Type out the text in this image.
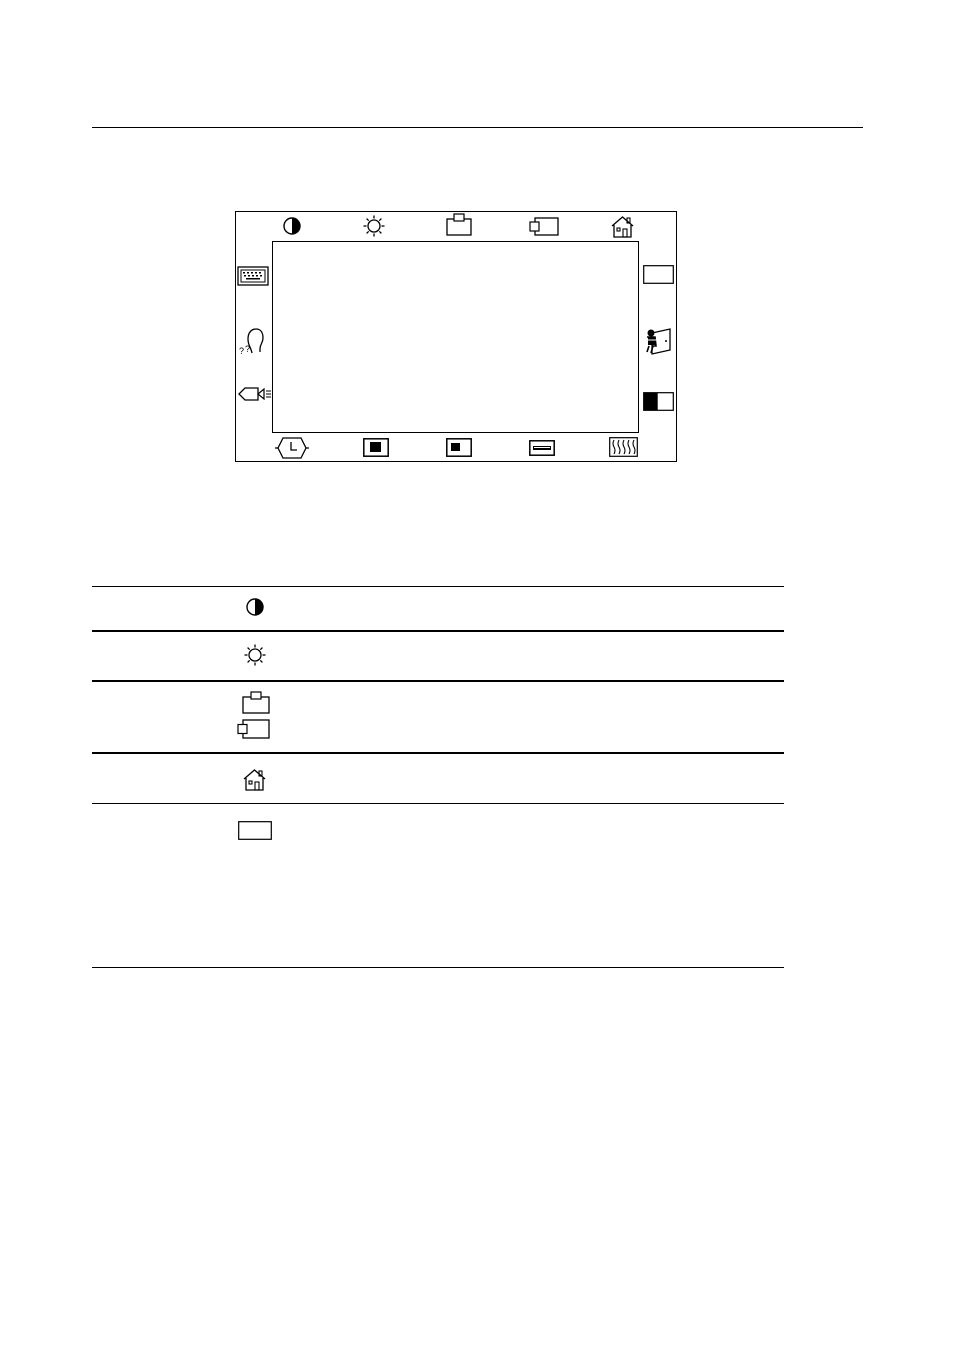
? ?
